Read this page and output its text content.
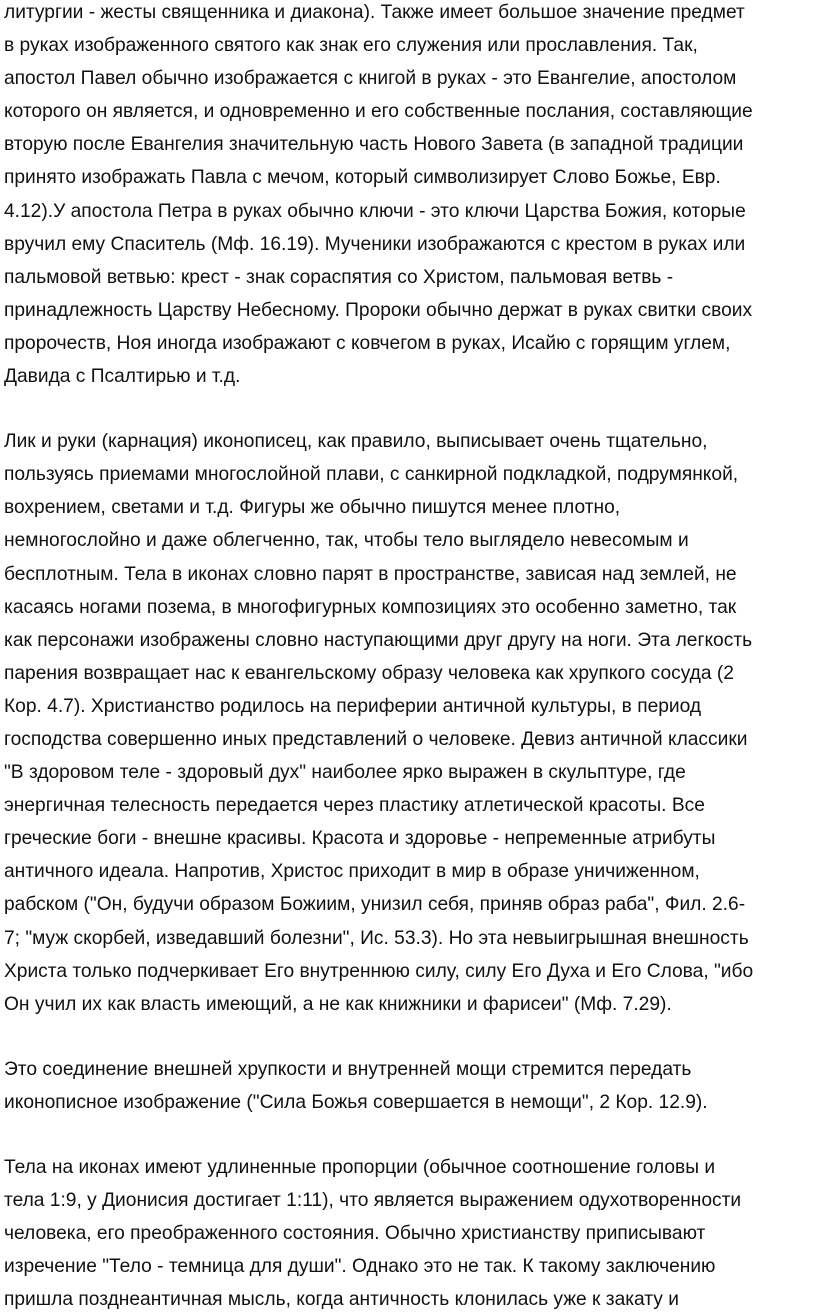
литургии - жесты священника и диакона). Также имеет большое значение предмет
в руках изображенного святого как знак его служения или прославления. Так,
апостол Павел обычно изображается с книгой в руках - это Евангелие, апостолом
которого он является, и одновременно и его собственные послания, составляющие
вторую после Евангелия значительную часть Нового Завета (в западной традиции
принято изображать Павла с мечом, который символизирует Слово Божье, Евр.
4.12).У апостола Петра в руках обычно ключи - это ключи Царства Божия, которые
вручил ему Спаситель (Мф. 16.19). Мученики изображаются с крестом в руках или
пальмовой ветвью: крест - знак сораспятия со Христом, пальмовая ветвь -
принадлежность Царству Небесному. Пророки обычно держат в руках свитки своих
пророчеств, Ноя иногда изображают с ковчегом в руках, Исайю с горящим углем,
Давида с Псалтирью и т.д.

Лик и руки (карнация) иконописец, как правило, выписывает очень тщательно,
пользуясь приемами многослойной плави, с санкирной подкладкой, подрумянкой,
вохрением, светами и т.д. Фигуры же обычно пишутся менее плотно,
немногослойно и даже облегченно, так, чтобы тело выглядело невесомым и
бесплотным. Тела в иконах словно парят в пространстве, зависая над землей, не
касаясь ногами позема, в многофигурных композициях это особенно заметно, так
как персонажи изображены словно наступающими друг другу на ноги. Эта легкость
парения возвращает нас к евангельскому образу человека как хрупкого сосуда (2
Кор. 4.7). Христианство родилось на периферии античной культуры, в период
господства совершенно иных представлений о человеке. Девиз античной классики
"В здоровом теле - здоровый дух" наиболее ярко выражен в скульптуре, где
энергичная телесность передается через пластику атлетической красоты. Все
греческие боги - внешне красивы. Красота и здоровье - непременные атрибуты
античного идеала. Напротив, Христос приходит в мир в образе уничиженном,
рабском ("Он, будучи образом Божиим, унизил себя, приняв образ раба", Фил. 2.6-
7; "муж скорбей, изведавший болезни", Ис. 53.3). Но эта невыигрышная внешность
Христа только подчеркивает Его внутреннюю силу, силу Его Духа и Его Слова, "ибо
Он учил их как власть имеющий, а не как книжники и фарисеи" (Мф. 7.29).

Это соединение внешней хрупкости и внутренней мощи стремится передать
иконописное изображение ("Сила Божья совершается в немощи", 2 Кор. 12.9).

Тела на иконах имеют удлиненные пропорции (обычное соотношение головы и
тела 1:9, у Дионисия достигает 1:11), что является выражением одухотворенности
человека, его преображенного состояния. Обычно христианству приписывают
изречение "Тело - темница для души". Однако это не так. К такому заключению
пришла позднеантичная мысль, когда античность клонилась уже к закату и
